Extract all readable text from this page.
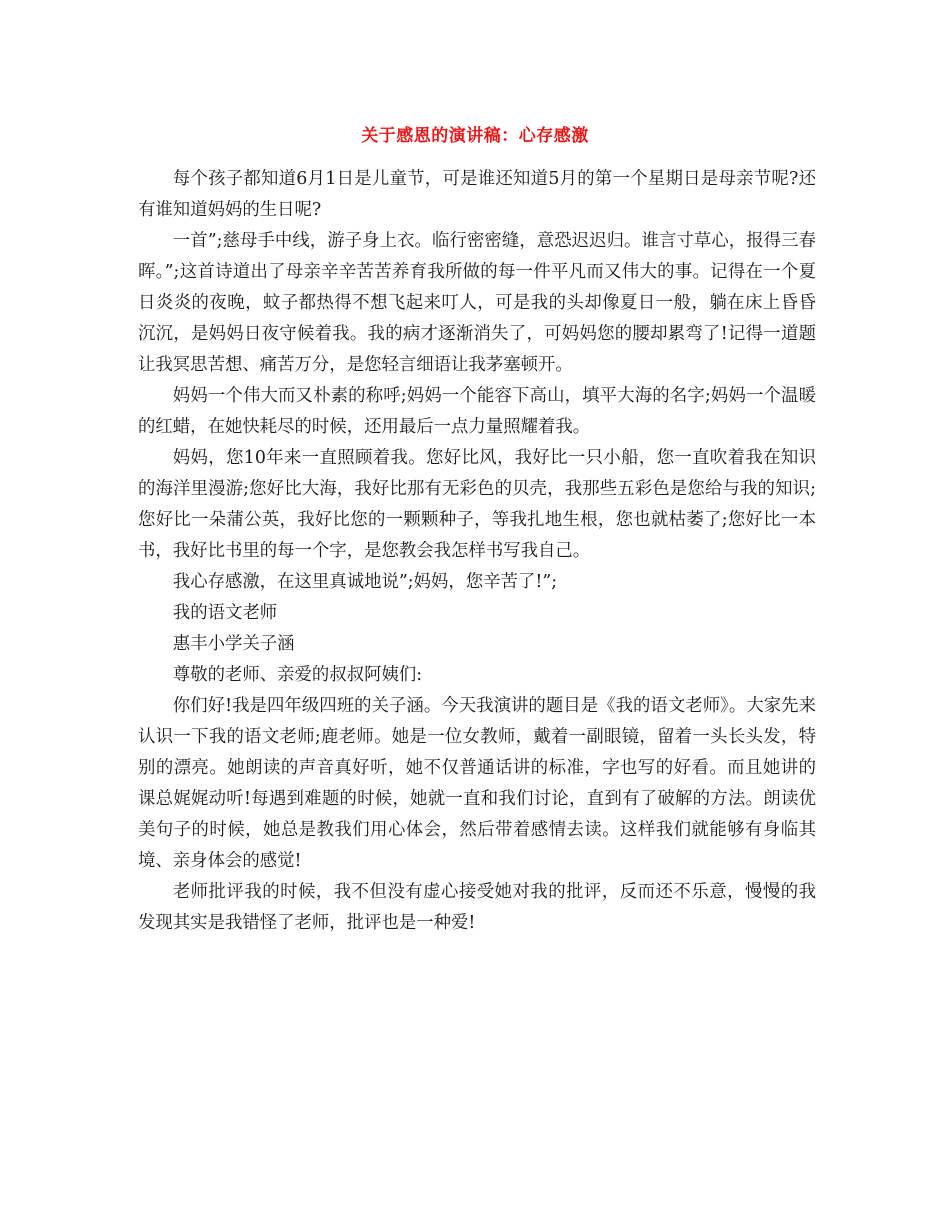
关于感恩的演讲稿：心存感激

每个孩子都知道6月1日是儿童节，可是谁还知道5月的第一个星期日是母亲节呢?还有谁知道妈妈的生日呢?

一首”;慈母手中线，游子身上衣。临行密密缝，意恐迟迟归。谁言寸草心，报得三春晖。”;这首诗道出了母亲辛辛苦苦养育我所做的每一件平凡而又伟大的事。记得在一个夏日炎炎的夜晚，蚊子都热得不想飞起来叮人，可是我的头却像夏日一般，躺在床上昏昏沉沉，是妈妈日夜守候着我。我的病才逐渐消失了，可妈妈您的腰却累弯了!记得一道题让我冥思苦想、痛苦万分，是您轻言细语让我茅塞顿开。

妈妈一个伟大而又朴素的称呼;妈妈一个能容下高山，填平大海的名字;妈妈一个温暖的红蜡，在她快耗尽的时候，还用最后一点力量照耀着我。

妈妈，您10年来一直照顾着我。您好比风，我好比一只小船，您一直吹着我在知识的海洋里漫游;您好比大海，我好比那有无彩色的贝壳，我那些五彩色是您给与我的知识;您好比一朵蒲公英，我好比您的一颗颗种子，等我扎地生根，您也就枯萎了;您好比一本书，我好比书里的每一个字，是您教会我怎样书写我自己。

我心存感激，在这里真诚地说”;妈妈，您辛苦了!”;

我的语文老师

惠丰小学关子涵

尊敬的老师、亲爱的叔叔阿姨们:

你们好!我是四年级四班的关子涵。今天我演讲的题目是《我的语文老师》。大家先来认识一下我的语文老师;鹿老师。她是一位女教师，戴着一副眼镜，留着一头长头发，特别的漂亮。她朗读的声音真好听，她不仅普通话讲的标准，字也写的好看。而且她讲的课总娓娓动听!每遇到难题的时候，她就一直和我们讨论，直到有了破解的方法。朗读优美句子的时候，她总是教我们用心体会，然后带着感情去读。这样我们就能够有身临其境、亲身体会的感觉!

老师批评我的时候，我不但没有虚心接受她对我的批评，反而还不乐意，慢慢的我发现其实是我错怪了老师，批评也是一种爱!
